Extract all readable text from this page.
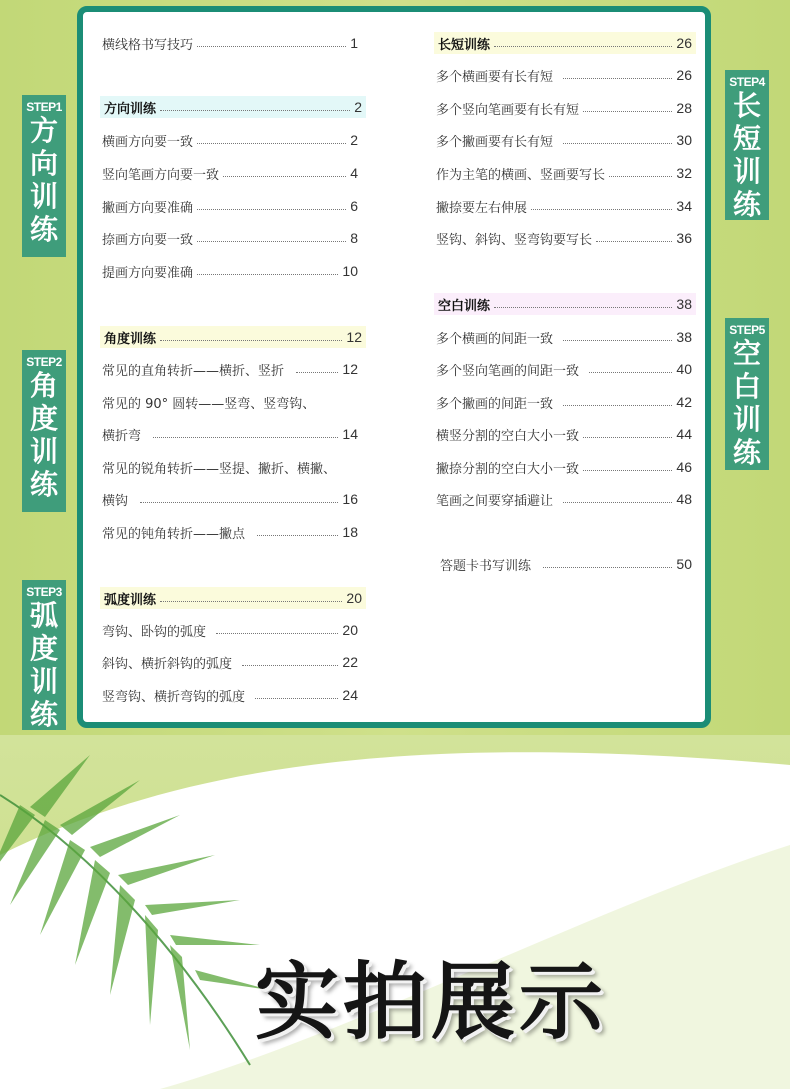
STEP1
方
向
训
练
STEP2
角
度
训
练
STEP3
弧
度
训
练
STEP4
长
短
训
练
STEP5
空
白
训
练
横线格书写技巧	1
方向训练	2
横画方向要一致	2
竖向笔画方向要一致	4
撇画方向要准确	6
捺画方向要一致	8
提画方向要准确	10
角度训练	12
常见的直角转折——横折、竖折	12
常见的 90° 圆转——竖弯、竖弯钩、
横折弯	14
常见的锐角转折——竖提、撇折、横撇、
横钩	16
常见的钝角转折——撇点	18
弧度训练	20
弯钩、卧钩的弧度	20
斜钩、横折斜钩的弧度	22
竖弯钩、横折弯钩的弧度	24
长短训练	26
多个横画要有长有短	26
多个竖向笔画要有长有短	28
多个撇画要有长有短	30
作为主笔的横画、竖画要写长	32
撇捺要左右伸展	34
竖钩、斜钩、竖弯钩要写长	36
空白训练	38
多个横画的间距一致	38
多个竖向笔画的间距一致	40
多个撇画的间距一致	42
横竖分割的空白大小一致	44
撇捺分割的空白大小一致	46
笔画之间要穿插避让	48
答题卡书写训练	50
实拍展示
